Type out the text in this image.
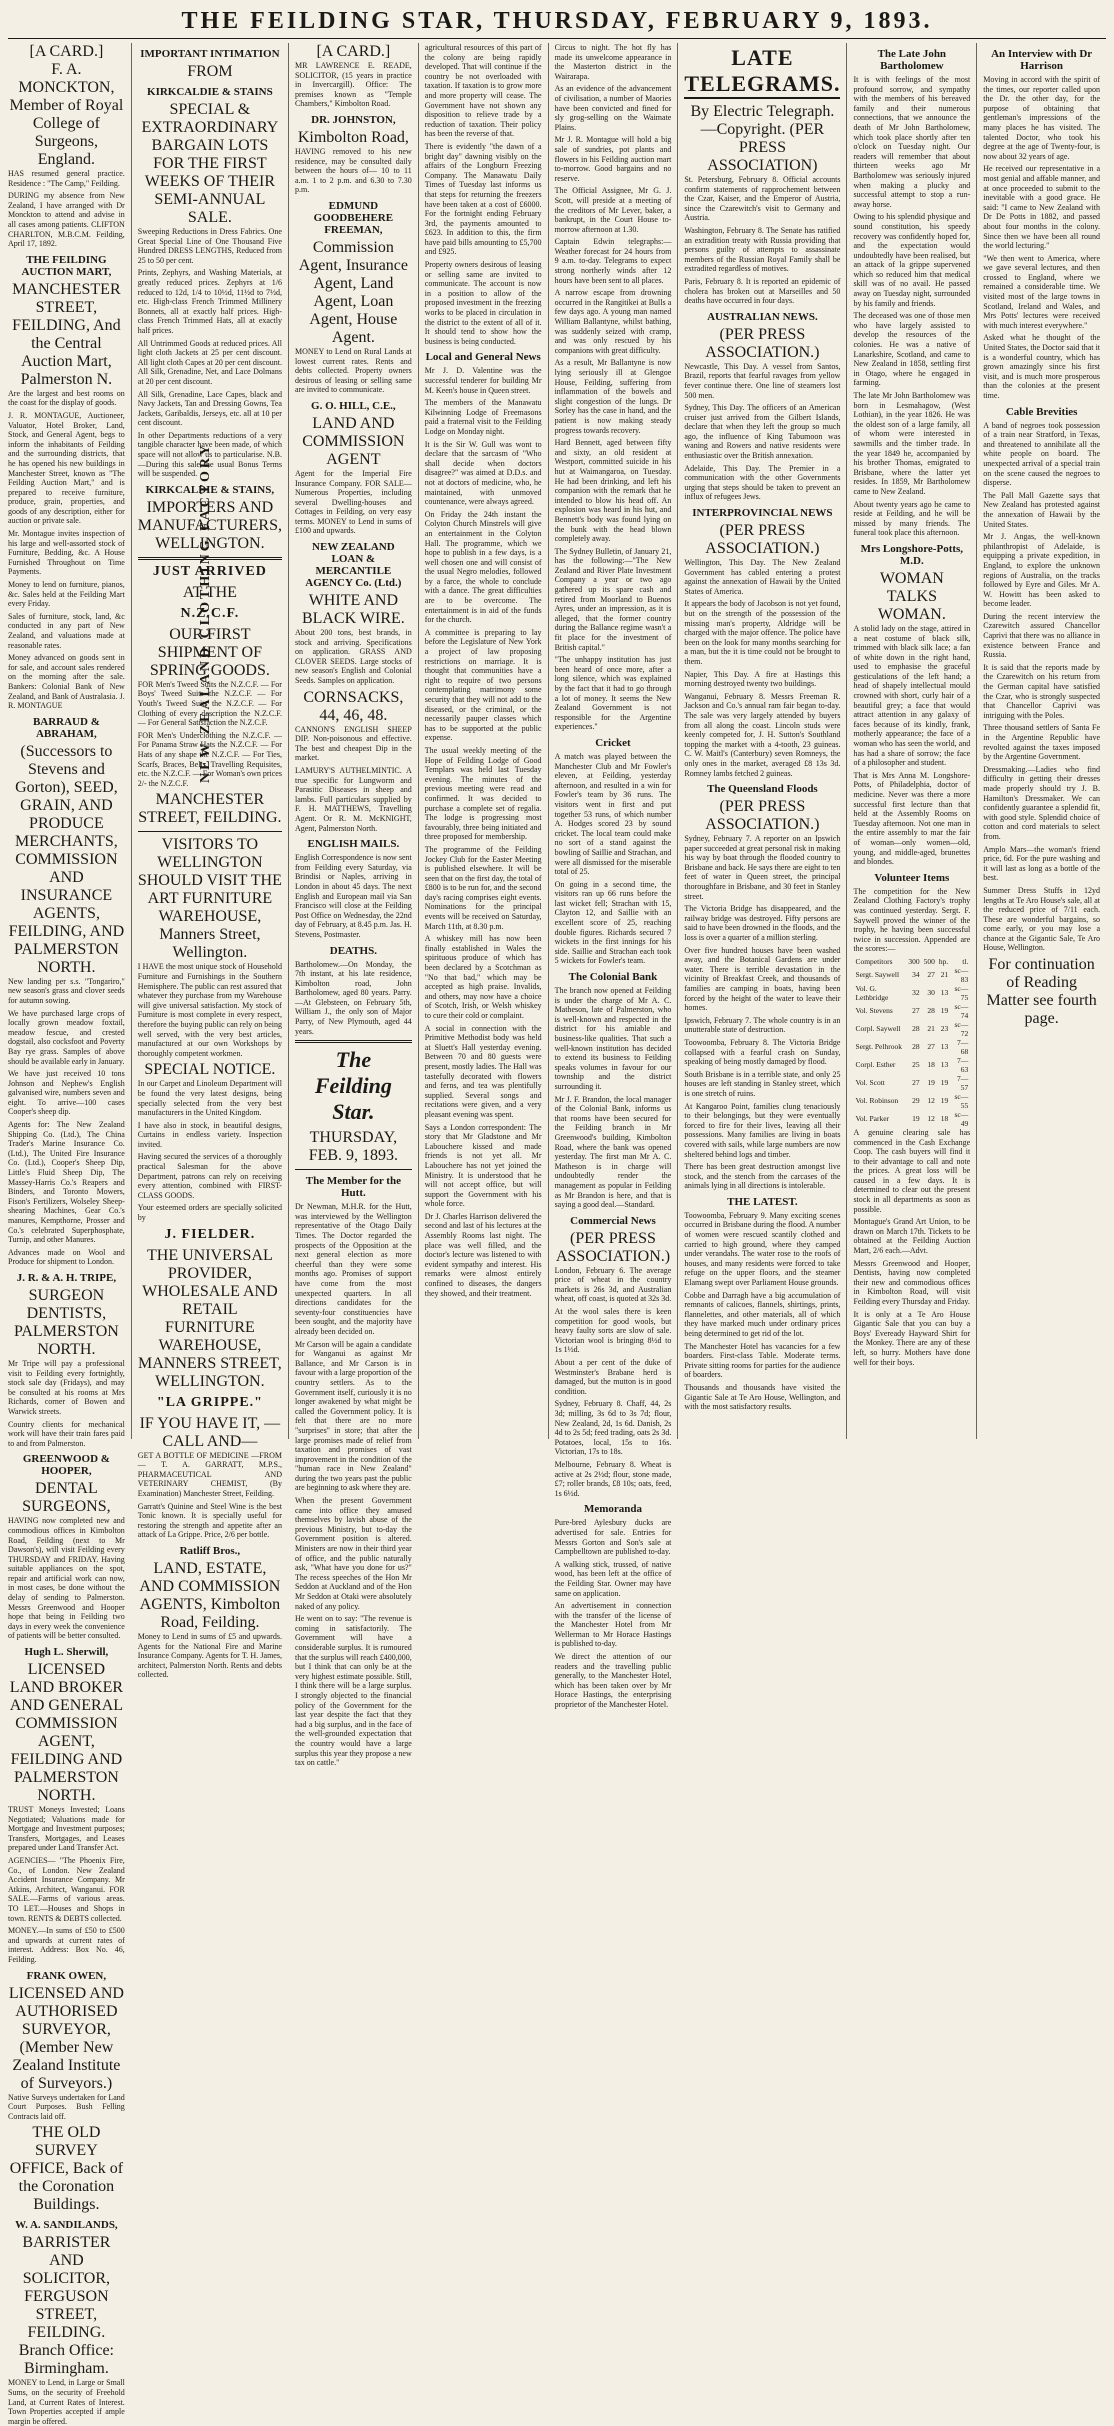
THE FEILDING STAR, THURSDAY, FEBRUARY 9, 1893.
[A CARD.]
F. A. MONCKTON,
Member of Royal College of Surgeons, England.
HAS resumed general practice. Residence : "The Camp," Feilding.
DURING my absence from New Zealand, I have arranged with Dr Monckton to attend and advise in all cases among patients. CLIFTON CHARLTON, M.B.C.M. Feilding, April 17, 1892.
THE FEILDING AUCTION MART,
MANCHESTER STREET, FEILDING, And the Central Auction Mart, Palmerston N.
Are the largest and best rooms on the coast for the display of goods.
J. R. MONTAGUE, Auctioneer, Valuator, Hotel Broker, Land, Stock, and General Agent, begs to inform the inhabitants of Feilding and the surrounding districts, that he has opened his new buildings in Manchester Street, known as "The Feilding Auction Mart," and is prepared to receive furniture, produce, grain, properties, and goods of any description, either for auction or private sale.
Mr. Montague invites inspection of his large and well-assorted stock of Furniture, Bedding, &c. A House Furnished Throughout on Time Payments.
Money to lend on furniture, pianos, &c. Sales held at the Feilding Mart every Friday.
Sales of furniture, stock, land, &c conducted in any part of New Zealand, and valuations made at reasonable rates.
Money advanced on goods sent in for sale, and account sales rendered on the morning after the sale. Bankers: Colonial Bank of New Zealand, and Bank of Australasia. J. R. MONTAGUE
BARRAUD & ABRAHAM,
(Successors to Stevens and Gorton), SEED, GRAIN, AND PRODUCE MERCHANTS, COMMISSION AND INSURANCE AGENTS, FEILDING, AND PALMERSTON NORTH.
New landing per s.s. "Tongariro," new season's grass and clover seeds for autumn sowing.
We have purchased large crops of locally grown meadow foxtail, meadow fescue, and crested dogstail, also cocksfoot and Poverty Bay rye grass. Samples of above should be available early in January.
We have just received 10 tons Johnson and Nephew's English galvanised wire, numbers seven and eight. To arrive—100 cases Cooper's sheep dip.
Agents for: The New Zealand Shipping Co. (Ltd.), The China Trader's Marine Insurance Co. (Ltd.), The United Fire Insurance Co. (Ltd.), Cooper's Sheep Dip, Little's Fluid Sheep Dip, The Massey-Harris Co.'s Reapers and Binders, and Toronto Mowers, Fison's Fertilizers, Wolseley Sheep-shearing Machines, Gear Co.'s manures, Kempthorne, Prosser and Co.'s celebrated Superphosphate, Turnip, and other Manures.
Advances made on Wool and Produce for shipment to London.
J. R. & A. H. TRIPE,
SURGEON DENTISTS, PALMERSTON NORTH.
Mr Tripe will pay a professional visit to Feilding every fortnightly, stock sale day (Fridays), and may be consulted at his rooms at Mrs Richards, corner of Bowen and Warwick streets.
Country clients for mechanical work will have their train fares paid to and from Palmerston.
GREENWOOD & HOOPER,
DENTAL SURGEONS,
HAVING now completed new and commodious offices in Kimbolton Road, Feilding (next to Mr Dawson's), will visit Feilding every THURSDAY and FRIDAY. Having suitable appliances on the spot, repair and artificial work can now, in most cases, be done without the delay of sending to Palmerston. Messrs Greenwood and Hooper hope that being in Feilding two days in every week the convenience of patients will be better consulted.
Hugh L. Sherwill,
LICENSED LAND BROKER AND GENERAL COMMISSION AGENT, FEILDING AND PALMERSTON NORTH.
TRUST Moneys Invested; Loans Negotiated; Valuations made for Mortgage and Investment purposes; Transfers, Mortgages, and Leases prepared under Land Transfer Act.
AGENCIES— "The Phoenix Fire, Co., of London. New Zealand Accident Insurance Company. Mr Atkins, Architect, Wanganui. FOR SALE.—Farms of various areas. TO LET.—Houses and Shops in town. RENTS & DEBTS collected.
MONEY.—In sums of £50 to £500 and upwards at current rates of interest. Address: Box No. 46, Feilding.
FRANK OWEN,
LICENSED AND AUTHORISED SURVEYOR, (Member New Zealand Institute of Surveyors.)
Native Surveys undertaken for Land Court Purposes. Bush Felling Contracts laid off.
THE OLD SURVEY OFFICE, Back of the Coronation Buildings.
W. A. SANDILANDS,
BARRISTER AND SOLICITOR, FERGUSON STREET, FEILDING. Branch Office: Birmingham.
MONEY to Lend, in Large or Small Sums, on the security of Freehold Land, at Current Rates of Interest. Town Properties accepted if ample margin be offered.
NEW ZEALAND CLOTHING FACTORY
IMPORTANT INTIMATION
FROM
KIRKCALDIE & STAINS
SPECIAL & EXTRAORDINARY BARGAIN LOTS FOR THE FIRST WEEKS OF THEIR SEMI-ANNUAL SALE.
Sweeping Reductions in Dress Fabrics. One Great Special Line of One Thousand Five Hundred DRESS LENGTHS, Reduced from 25 to 50 per cent.
Prints, Zephyrs, and Washing Materials, at greatly reduced prices. Zephyrs at 1/6 reduced to 12d, 1/4 to 10½d, 11½d to 7½d, etc. High-class French Trimmed Millinery Bonnets, all at exactly half prices. High-class French Trimmed Hats, all at exactly half prices.
All Untrimmed Goods at reduced prices. All light cloth Jackets at 25 per cent discount. All light cloth Capes at 20 per cent discount. All Silk, Grenadine, Net, and Lace Dolmans at 20 per cent discount.
All Silk, Grenadine, Lace Capes, black and Navy Jackets, Tan and Dressing Gowns, Tea Jackets, Garibaldis, Jerseys, etc. all at 10 per cent discount.
In other Departments reductions of a very tangible character have been made, of which space will not allow us to particularise. N.B.—During this sale the usual Bonus Terms will be suspended.
KIRKCALDIE & STAINS,
IMPORTERS AND MANUFACTURERS, WELLINGTON.
JUST ARRIVED
AT THE
N.Z.C.F.
OUR FIRST SHIPMENT OF SPRING GOODS.
FOR Men's Tweed Suits the N.Z.C.F. — For Boys' Tweed Suits the N.Z.C.F. — For Youth's Tweed Suits the N.Z.C.F. — For Clothing of every description the N.Z.C.F. — For General Satisfaction the N.Z.C.F.
FOR Men's Underclothing the N.Z.C.F. — For Panama Straw Hats the N.Z.C.F. — For Hats of any shape the N.Z.C.F. — For Ties, Scarfs, Braces, Belts, Travelling Requisites, etc. the N.Z.C.F. — For Woman's own prices 2/- the N.Z.C.F.
MANCHESTER STREET, FEILDING.
VISITORS TO WELLINGTON SHOULD VISIT THE ART FURNITURE WAREHOUSE, Manners Street, Wellington.
I HAVE the most unique stock of Household Furniture and Furnishings in the Southern Hemisphere. The public can rest assured that whatever they purchase from my Warehouse will give universal satisfaction. My stock of Furniture is most complete in every respect, therefore the buying public can rely on being well served, with the very best articles, manufactured at our own Workshops by thoroughly competent workmen.
SPECIAL NOTICE.
In our Carpet and Linoleum Department will be found the very latest designs, being specially selected from the very best manufacturers in the United Kingdom.
I have also in stock, in beautiful designs, Curtains in endless variety. Inspection invited.
Having secured the services of a thoroughly practical Salesman for the above Department, patrons can rely on receiving every attention, combined with FIRST-CLASS GOODS.
Your esteemed orders are specially solicited by
J. FIELDER.
THE UNIVERSAL PROVIDER, WHOLESALE AND RETAIL FURNITURE WAREHOUSE, MANNERS STREET, WELLINGTON.
"LA GRIPPE."
IF YOU HAVE IT, —CALL AND—
GET A BOTTLE OF MEDICINE —FROM— T. A. GARRATT, M.P.S., PHARMACEUTICAL AND VETERINARY CHEMIST, (By Examination) Manchester Street, Feilding.
Garratt's Quinine and Steel Wine is the best Tonic known. It is specially useful for restoring the strength and appetite after an attack of La Grippe. Price, 2/6 per bottle.
Ratliff Bros.,
LAND, ESTATE, AND COMMISSION AGENTS, Kimbolton Road, Feilding.
Money to Lend in sums of £5 and upwards. Agents for the National Fire and Marine Insurance Company. Agents for T. H. James, architect, Palmerston North. Rents and debts collected.
[A CARD.]
MR LAWRENCE E. READE, SOLICITOR, (15 years in practice in Invercargill). Office: The premises known as "Temple Chambers," Kimbolton Road.
DR. JOHNSTON,
Kimbolton Road,
HAVING removed to his new residence, may be consulted daily between the hours of— 10 to 11 a.m. 1 to 2 p.m. and 6.30 to 7.30 p.m.
EDMUND GOODBEHERE FREEMAN,
Commission Agent, Insurance Agent, Land Agent, Loan Agent, House Agent.
MONEY to Lend on Rural Lands at lowest current rates. Rents and debts collected. Property owners desirous of leasing or selling same are invited to communicate.
G. O. HILL, C.E.,
LAND AND COMMISSION AGENT
Agent for the Imperial Fire Insurance Company. FOR SALE—Numerous Properties, including several Dwelling-houses and Cottages in Feilding, on very easy terms. MONEY to Lend in sums of £100 and upwards.
NEW ZEALAND LOAN & MERCANTILE AGENCY Co. (Ltd.)
WHITE AND BLACK WIRE.
About 200 tons, best brands, in stock and arriving. Specifications on application. GRASS AND CLOVER SEEDS. Large stocks of new season's English and Colonial Seeds. Samples on application.
CORNSACKS, 44, 46, 48.
CANNON'S ENGLISH SHEEP DIP. Non-poisonous and effective. The best and cheapest Dip in the market.
LAMURY'S AUTHELMINTIC. A true specific for Lungworm and Parasitic Diseases in sheep and lambs. Full particulars supplied by F. H. MATTHEWS, Travelling Agent. Or R. M. McKNIGHT, Agent, Palmerston North.
ENGLISH MAILS.
English Correspondence is now sent from Feilding every Saturday, via Brindisi or Naples, arriving in London in about 45 days. The next English and European mail via San Francisco will close at the Feilding Post Office on Wednesday, the 22nd day of February, at 8.45 p.m. Jas. H. Stevens, Postmaster.
DEATHS.
Bartholomew.—On Monday, the 7th instant, at his late residence, Kimbolton road, John Bartholomew, aged 80 years. Parry.—At Glebsteen, on February 5th, William J., the only son of Major Parry, of New Plymouth, aged 44 years.
The Feilding Star.
THURSDAY, FEB. 9, 1893.
The Member for the Hutt.
Dr Newman, M.H.R. for the Hutt, was interviewed by the Wellington representative of the Otago Daily Times. The Doctor regarded the prospects of the Opposition at the next general election as more cheerful than they were some months ago. Promises of support have come from the most unexpected quarters. In all directions candidates for the seventy-four constituencies have been sought, and the majority have already been decided on.
Mr Carson will be again a candidate for Wanganui as against Mr Ballance, and Mr Carson is in favour with a large proportion of the country settlers. As to the Government itself, curiously it is no longer awakened by what might be called the Government policy. It is felt that there are no more "surprises" in store; that after the large promises made of relief from taxation and promises of vast improvement in the condition of the "human race in New Zealand" during the two years past the public are beginning to ask where they are.
When the present Government came into office they amused themselves by lavish abuse of the previous Ministry, but to-day the Government position is altered. Ministers are now in their third year of office, and the public naturally ask, "What have you done for us?" The recess speeches of the Hon Mr Seddon at Auckland and of the Hon Mr Seddon at Otaki were absolutely naked of any policy.
He went on to say: "The revenue is coming in satisfactorily. The Government will have a considerable surplus. It is rumoured that the surplus will reach £400,000, but I think that can only be at the very highest estimate possible. Still, I think there will be a large surplus. I strongly objected to the financial policy of the Government for the last year despite the fact that they had a big surplus, and in the face of the well-grounded expectation that the country would have a large surplus this year they propose a new tax on cattle."
agricultural resources of this part of the colony are being rapidly developed. That will continue if the country be not overloaded with taxation. If taxation is to grow more and more property will cease. The Government have not shown any disposition to relieve trade by a reduction of taxation. Their policy has been the reverse of that.
There is evidently "the dawn of a bright day" dawning visibly on the affairs of the Longburn Freezing Company. The Manawatu Daily Times of Tuesday last informs us that steps for returning the freezers have been taken at a cost of £6000. For the fortnight ending February 3rd, the payments amounted to £623. In addition to this, the firm have paid bills amounting to £5,700 and £925.
Property owners desirous of leasing or selling same are invited to communicate. The account is now in a position to allow of the proposed investment in the freezing works to be placed in circulation in the district to the extent of all of it. It should tend to show how the business is being conducted.
Local and General News
Mr J. D. Valentine was the successful tenderer for building Mr M. Keen's house in Queen street.
The members of the Manawatu Kilwinning Lodge of Freemasons paid a fraternal visit to the Feilding Lodge on Monday night.
It is the Sir W. Gull was wont to declare that the sarcasm of "Who shall decide when doctors disagree?" was aimed at D.D.s. and not at doctors of medicine, who, he maintained, with unmoved countenance, were always agreed.
On Friday the 24th instant the Colyton Church Minstrels will give an entertainment in the Colyton Hall. The programme, which we hope to publish in a few days, is a well chosen one and will consist of the usual Negro melodies, followed by a farce, the whole to conclude with a dance. The great difficulties are to be overcome. The entertainment is in aid of the funds for the church.
A committee is preparing to lay before the Legislature of New York a project of law proposing restrictions on marriage. It is thought that communities have a right to require of two persons contemplating matrimony some security that they will not add to the diseased, or the criminal, or the necessarily pauper classes which has to be supported at the public expense.
The usual weekly meeting of the Hope of Feilding Lodge of Good Templars was held last Tuesday evening. The minutes of the previous meeting were read and confirmed. It was decided to purchase a complete set of regalia. The lodge is progressing most favourably, three being initiated and three proposed for membership.
The programme of the Feilding Jockey Club for the Easter Meeting is published elsewhere. It will be seen that on the first day, the total of £800 is to be run for, and the second day's racing comprises eight events. Nominations for the principal events will be received on Saturday, March 11th, at 8.30 p.m.
A whiskey mill has now been finally established in Wales the spirituous produce of which has been declared by a Scotchman as "No that bad," which may be accepted as high praise. Invalids, and others, may now have a choice of Scotch, Irish, or Welsh whiskey to cure their cold or complaint.
A social in connection with the Primitive Methodist body was held at Sluett's Hall yesterday evening. Between 70 and 80 guests were present, mostly ladies. The Hall was tastefully decorated with flowers and ferns, and tea was plentifully supplied. Several songs and recitations were given, and a very pleasant evening was spent.
Says a London correspondent: The story that Mr Gladstone and Mr Labouchere kissed and made friends is not yet all. Mr Labouchere has not yet joined the Ministry. It is understood that he will not accept office, but will support the Government with his whole force.
Dr J. Charles Harrison delivered the second and last of his lectures at the Assembly Rooms last night. The place was well filled, and the doctor's lecture was listened to with evident sympathy and interest. His remarks were almost entirely confined to diseases, the dangers they showed, and their treatment.
Circus to night. The hot fly has made its unwelcome appearance in the Masterton district in the Wairarapa.
As an evidence of the advancement of civilisation, a number of Maories have been convicted and fined for sly grog-selling on the Waimate Plains.
Mr J. R. Montague will hold a big sale of sundries, pot plants and flowers in his Feilding auction mart to-morrow. Good bargains and no reserve.
The Official Assignee, Mr G. J. Scott, will preside at a meeting of the creditors of Mr Lever, baker, a bankrupt, in the Court House to-morrow afternoon at 1.30.
Captain Edwin telegraphs:—Weather forecast for 24 hours from 9 a.m. to-day. Telegrams to expect strong northerly winds after 12 hours have been sent to all places.
A narrow escape from drowning occurred in the Rangitikei at Bulls a few days ago. A young man named William Ballantyne, whilst bathing, was suddenly seized with cramp, and was only rescued by his companions with great difficulty.
As a result, Mr Ballantyne is now lying seriously ill at Glengoe House, Feilding, suffering from inflammation of the bowels and slight congestion of the lungs. Dr Sorley has the case in hand, and the patient is now making steady progress towards recovery.
Hard Bennett, aged between fifty and sixty, an old resident at Westport, committed suicide in his hut at Waimangaroa, on Tuesday. He had been drinking, and left his companion with the remark that he intended to blow his head off. An explosion was heard in his hut, and Bennett's body was found lying on the bunk with the head blown completely away.
The Sydney Bulletin, of January 21, has the following:—"The New Zealand and River Plate Investment Company a year or two ago gathered up its spare cash and retired from Moorland to Buenos Ayres, under an impression, as it is alleged, that the former country during the Ballance regime wasn't a fit place for the investment of British capital."
"The unhappy institution has just been heard of once more, after a long silence, which was explained by the fact that it had to go through a lot of money. It seems the New Zealand Government is not responsible for the Argentine experiences."
Cricket
A match was played between the Manchester Club and Mr Fowler's eleven, at Feilding, yesterday afternoon, and resulted in a win for Fowler's team by 36 runs. The visitors went in first and put together 53 runs, of which number A. Hodges scored 23 by sound cricket. The local team could make no sort of a stand against the bowling of Saillie and Strachan, and were all dismissed for the miserable total of 25.
On going in a second time, the visitors ran up 66 runs before the last wicket fell; Strachan with 15, Clayton 12, and Saillie with an excellent score of 25, reaching double figures. Richards secured 7 wickets in the first innings for his side. Saillie and Strachan each took 5 wickets for Fowler's team.
The Colonial Bank
The branch now opened at Feilding is under the charge of Mr A. C. Matheson, late of Palmerston, who is well-known and respected in the district for his amiable and business-like qualities. That such a well-known institution has decided to extend its business to Feilding speaks volumes in favour for our township and the district surrounding it.
Mr J. F. Brandon, the local manager of the Colonial Bank, informs us that rooms have been secured for the Feilding branch in Mr Greenwood's building, Kimbolton Road, where the bank was opened yesterday. The first man Mr A. C. Matheson is in charge will undoubtedly render the management as popular in Feilding as Mr Brandon is here, and that is saying a good deal.—Standard.
Commercial News
(PER PRESS ASSOCIATION.)
London, February 6. The average price of wheat in the country markets is 26s 3d, and Australian wheat, off coast, is quoted at 32s 3d.
At the wool sales there is keen competition for good wools, but heavy faulty sorts are slow of sale. Victorian wool is bringing 8½d to 1s 1½d.
About a per cent of the duke of Westminster's Brabane herd is damaged, but the mutton is in good condition.
Sydney, February 8. Chaff, 44, 2s 3d; milling, 3s 6d to 3s 7d; flour, New Zealand, 2d, 1s 6d. Danish, 2s 4d to 2s 5d; feed trading, oats 2s 3d. Potatoes, local, 15s to 16s. Victorian, 17s to 18s.
Melbourne, February 8. Wheat is active at 2s 2½d; flour, stone made, £7; roller brands, £8 10s; oats, feed, 1s 6½d.
Memoranda
Pure-bred Aylesbury ducks are advertised for sale. Entries for Messrs Gorton and Son's sale at Campbelltown are published to-day.
A walking stick, trussed, of native wood, has been left at the office of the Feilding Star. Owner may have same on application.
An advertisement in connection with the transfer of the license of the Manchester Hotel from Mr Wellerman to Mr Horace Hastings is published to-day.
We direct the attention of our readers and the travelling public generally, to the Manchester Hotel, which has been taken over by Mr Horace Hastings, the enterprising proprietor of the Manchester Hotel.
LATE TELEGRAMS.
By Electric Telegraph.—Copyright. (PER PRESS ASSOCIATION)
St. Petersburg, February 8. Official accounts confirm statements of rapprochement between the Czar, Kaiser, and the Emperor of Austria, since the Czarewitch's visit to Germany and Austria.
Washington, February 8. The Senate has ratified an extradition treaty with Russia providing that persons guilty of attempts to assassinate members of the Russian Royal Family shall be extradited regardless of motives.
Paris, February 8. It is reported an epidemic of cholera has broken out at Marseilles and 50 deaths have occurred in four days.
AUSTRALIAN NEWS.
(PER PRESS ASSOCIATION.)
Newcastle, This Day. A vessel from Santos, Brazil, reports that fearful ravages from yellow fever continue there. One line of steamers lost 500 men.
Sydney, This Day. The officers of an American cruiser just arrived from the Gilbert Islands, declare that when they left the group so much ago, the influence of King Tabumoon was waning and Rowers and native residents were enthusiastic over the British annexation.
Adelaide, This Day. The Premier in a communication with the other Governments urging that steps should be taken to prevent an influx of refugees Jews.
INTERPROVINCIAL NEWS
(PER PRESS ASSOCIATION.)
Wellington, This Day. The New Zealand Government has cabled entering a protest against the annexation of Hawaii by the United States of America.
It appears the body of Jacobson is not yet found, but on the strength of the possession of the missing man's property, Aldridge will be charged with the major offence. The police have been on the look for many months searching for a man, but the it is time could not be brought to them.
Napier, This Day. A fire at Hastings this morning destroyed twenty two buildings.
Wanganui, February 8. Messrs Freeman R. Jackson and Co.'s annual ram fair began to-day. The sale was very largely attended by buyers from all along the coast. Lincoln studs were keenly competed for, J. H. Sutton's Southland topping the market with a 4-tooth, 23 guineas. C. W. Maitl's (Canterbury) seven Romneys, the only ones in the market, averaged £8 13s 3d. Romney lambs fetched 2 guineas.
The Queensland Floods
(PER PRESS ASSOCIATION.)
Sydney, February 7. A reporter on an Ipswich paper succeeded at great personal risk in making his way by boat through the flooded country to Brisbane and back. He says there are eight to ten feet of water in Queen street, the principal thoroughfare in Brisbane, and 30 feet in Stanley street.
The Victoria Bridge has disappeared, and the railway bridge was destroyed. Fifty persons are said to have been drowned in the floods, and the loss is over a quarter of a million sterling.
Over five hundred houses have been washed away, and the Botanical Gardens are under water. There is terrible devastation in the vicinity of Breakfast Creek, and thousands of families are camping in boats, having been forced by the height of the water to leave their homes.
Ipswich, February 7. The whole country is in an unutterable state of destruction.
Toowoomba, February 8. The Victoria Bridge collapsed with a fearful crash on Sunday, speaking of being mostly damaged by flood.
South Brisbane is in a terrible state, and only 25 houses are left standing in Stanley street, which is one stretch of ruins.
At Kangaroo Point, families clung tenaciously to their belongings, but they were eventually forced to fire for their lives, leaving all their possessions. Many families are living in boats covered with sails, while large numbers are now sheltered behind logs and timber.
There has been great destruction amongst live stock, and the stench from the carcases of the animals lying in all directions is intolerable.
THE LATEST.
Toowoomba, February 9. Many exciting scenes occurred in Brisbane during the flood. A number of women were rescued scantily clothed and carried to high ground, where they camped under verandahs. The water rose to the roofs of houses, and many residents were forced to take refuge on the upper floors, and the steamer Elamang swept over Parliament House grounds.
Cobbe and Darragh have a big accumulation of remnants of calicoes, flannels, shirtings, prints, flannelettes, and other materials, all of which they have marked much under ordinary prices being determined to get rid of the lot.
The Manchester Hotel has vacancies for a few boarders. First-class Table. Moderate terms. Private sitting rooms for parties for the audience of boarders.
Thousands and thousands have visited the Gigantic Sale at Te Aro House, Wellington, and with the most satisfactory results.
The Late John Bartholomew
It is with feelings of the most profound sorrow, and sympathy with the members of his bereaved family and their numerous connections, that we announce the death of Mr John Bartholomew, which took place shortly after ten o'clock on Tuesday night. Our readers will remember that about thirteen weeks ago Mr Bartholomew was seriously injured when making a plucky and successful attempt to stop a run-away horse.
Owing to his splendid physique and sound constitution, his speedy recovery was confidently hoped for, and the expectation would undoubtedly have been realised, but an attack of la grippe supervened which so reduced him that medical skill was of no avail. He passed away on Tuesday night, surrounded by his family and friends.
The deceased was one of those men who have largely assisted to develop the resources of the colonies. He was a native of Lanarkshire, Scotland, and came to New Zealand in 1858, settling first in Otago, where he engaged in farming.
The late Mr John Bartholomew was born in Lesmahagow, (West Lothian), in the year 1826. He was the oldest son of a large family, all of whom were interested in sawmills and the timber trade. In the year 1849 he, accompanied by his brother Thomas, emigrated to Brisbane, where the latter yet resides. In 1859, Mr Bartholomew came to New Zealand.
About twenty years ago he came to reside at Feilding, and he will be missed by many friends. The funeral took place this afternoon.
Mrs Longshore-Potts, M.D.
WOMAN TALKS WOMAN.
A stolid lady on the stage, attired in a neat costume of black silk, trimmed with black silk lace; a fan of white down in the right hand, used to emphasise the graceful gesticulations of the left hand; a head of shapely intellectual mould crowned with short, curly hair of a beautiful grey; a face that would attract attention in any galaxy of faces because of its kindly, frank, motherly appearance; the face of a woman who has seen the world, and has had a share of sorrow; the face of a philosopher and student.
That is Mrs Anna M. Longshore-Potts, of Philadelphia, doctor of medicine. Never was there a more successful first lecture than that held at the Assembly Rooms on Tuesday afternoon. Not one man in the entire assembly to mar the fair of woman—only women—old, young, and middle-aged, brunettes and blondes.
Volunteer Items
The competition for the New Zealand Clothing Factory's trophy was continued yesterday. Sergt. F. Saywell proved the winner of the trophy, he having been successful twice in succession. Appended are the scores:—
Competitors	300	500	hp.	tl.
Sergt. Saywell	34	27	21	sc—83
Vol. G. Lethbridge	32	30	13	sc—75
Vol. Stevens	27	28	19	sc—74
Corpl. Saywell	28	21	23	sc—72
Sergt. Pelhrook	28	27	13	7—68
Corpl. Esther	25	18	13	7—63
Vol. Scott	27	19	19	7—57
Vol. Robinson	29	12	19	sc—55
Vol. Parker	19	12	18	sc—49
A genuine clearing sale has commenced in the Cash Exchange Coop. The cash buyers will find it to their advantage to call and note the prices. A great loss will be caused in a few days. It is determined to clear out the present stock in all departments as soon as possible.
Montague's Grand Art Union, to be drawn on March 17th. Tickets to be obtained at the Feilding Auction Mart, 2/6 each.—Advt.
Messrs Greenwood and Hooper, Dentists, having now completed their new and commodious offices in Kimbolton Road, will visit Feilding every Thursday and Friday.
It is only at a Te Aro House Gigantic Sale that you can buy a Boys' Eveready Hayward Shirt for the Monkey. There are any of these left, so hurry. Mothers have done well for their boys.
An Interview with Dr Harrison
Moving in accord with the spirit of the times, our reporter called upon the Dr. the other day, for the purpose of obtaining that gentleman's impressions of the many places he has visited. The talented Doctor, who took his degree at the age of Twenty-four, is now about 32 years of age.
He received our representative in a most genial and affable manner, and at once proceeded to submit to the inevitable with a good grace. He said: "I came to New Zealand with Dr De Potts in 1882, and passed about four months in the colony. Since then we have been all round the world lecturing."
"We then went to America, where we gave several lectures, and then crossed to England, where we remained a considerable time. We visited most of the large towns in Scotland, Ireland and Wales, and Mrs Potts' lectures were received with much interest everywhere."
Asked what he thought of the United States, the Doctor said that it is a wonderful country, which has grown amazingly since his first visit, and is much more prosperous than the colonies at the present time.
Cable Brevities
A band of negroes took possession of a train near Stratford, in Texas, and threatened to annihilate all the white people on board. The unexpected arrival of a special train on the scene caused the negroes to disperse.
The Pall Mall Gazette says that New Zealand has protested against the annexation of Hawaii by the United States.
Mr J. Angas, the well-known philanthropist of Adelaide, is equipping a private expedition, in England, to explore the unknown regions of Australia, on the tracks followed by Eyre and Giles. Mr A. W. Howitt has been asked to become leader.
During the recent interview the Czarewitch assured Chancellor Caprivi that there was no alliance in existence between France and Russia.
It is said that the reports made by the Czarewitch on his return from the German capital have satisfied the Czar, who is strongly suspected that Chancellor Caprivi was intriguing with the Poles.
Three thousand settlers of Santa Fe in the Argentine Republic have revolted against the taxes imposed by the Argentine Government.
Dressmaking.—Ladies who find difficulty in getting their dresses made properly should try J. B. Hamilton's Dressmaker. We can confidently guarantee a splendid fit, with good style. Splendid choice of cotton and cord materials to select from.
Amplo Mars—the woman's friend price, 6d. For the pure washing and it will last as long as a bottle of the best.
Summer Dress Stuffs in 12yd lengths at Te Aro House's sale, all at the reduced price of 7/11 each. These are wonderful bargains, so come early, or you may lose a chance at the Gigantic Sale, Te Aro House, Wellington.
For continuation of Reading Matter see fourth page.
